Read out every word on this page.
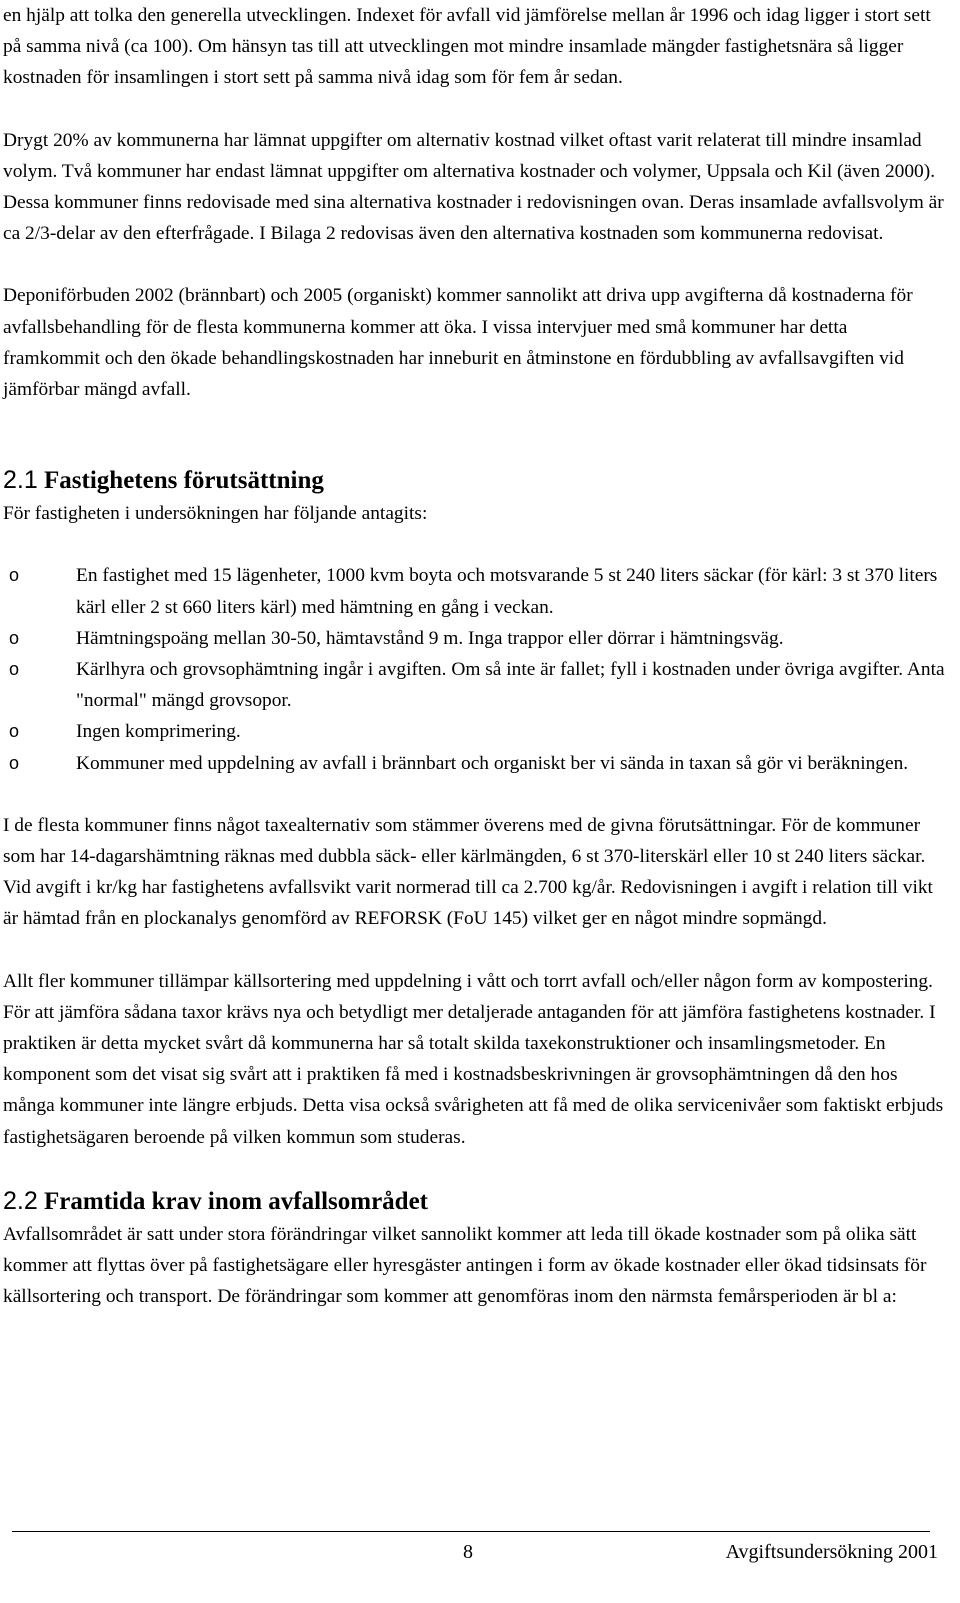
en hjälp att tolka den generella utvecklingen. Indexet för avfall vid jämförelse mellan år 1996 och idag ligger i stort sett på samma nivå (ca 100). Om hänsyn tas till att utvecklingen mot mindre insamlade mängder fastighetsnära så ligger kostnaden för insamlingen i stort sett på samma nivå idag som för fem år sedan.

Drygt 20% av kommunerna har lämnat uppgifter om alternativ kostnad vilket oftast varit relaterat till mindre insamlad volym. Två kommuner har endast lämnat uppgifter om alternativa kostnader och volymer, Uppsala och Kil (även 2000). Dessa kommuner finns redovisade med sina alternativa kostnader i redovisningen ovan. Deras insamlade avfallsvolym är ca 2/3-delar av den efterfrågade. I Bilaga 2 redovisas även den alternativa kostnaden som kommunerna redovisat.

Deponiförbuden 2002 (brännbart) och 2005 (organiskt) kommer sannolikt att driva upp avgifterna då kostnaderna för avfallsbehandling för de flesta kommunerna kommer att öka. I vissa intervjuer med små kommuner har detta framkommit och den ökade behandlingskostnaden har inneburit en åtminstone en fördubbling av avfallsavgiften vid jämförbar mängd avfall.

2.1 Fastighetens förutsättning

För fastigheten i undersökningen har följande antagits:

o	En fastighet med 15 lägenheter, 1000 kvm boyta och motsvarande 5 st 240 liters säckar (för kärl: 3 st 370 liters kärl eller 2 st 660 liters kärl) med hämtning en gång i veckan.
o	Hämtningspoäng mellan 30-50, hämtavstånd 9 m. Inga trappor eller dörrar i hämtningsväg.
o	Kärlhyra och grovsophämtning ingår i avgiften. Om så inte är fallet; fyll i kostnaden under övriga avgifter. Anta "normal" mängd grovsopor.
o	Ingen komprimering.
o	Kommuner med uppdelning av avfall i brännbart och organiskt ber vi sända in taxan så gör vi beräkningen.

I de flesta kommuner finns något taxealternativ som stämmer överens med de givna förutsättningar. För de kommuner som har 14-dagarshämtning räknas med dubbla säck- eller kärlmängden, 6 st 370-literskärl eller 10 st 240 liters säckar. Vid avgift i kr/kg har fastighetens avfallsvikt varit normerad till ca 2.700 kg/år. Redovisningen i avgift i relation till vikt är hämtad från en plockanalys genomförd av REFORSK (FoU 145) vilket ger en något mindre sopmängd.

Allt fler kommuner tillämpar källsortering med uppdelning i vått och torrt avfall och/eller någon form av kompostering. För att jämföra sådana taxor krävs nya och betydligt mer detaljerade antaganden för att jämföra fastighetens kostnader. I praktiken är detta mycket svårt då kommunerna har så totalt skilda taxekonstruktioner och insamlingsmetoder. En komponent som det visat sig svårt att i praktiken få med i kostnadsbeskrivningen är grovsophämtningen då den hos många kommuner inte längre erbjuds. Detta visa också svårigheten att få med de olika servicenivåer som faktiskt erbjuds fastighetsägaren beroende på vilken kommun som studeras.

2.2 Framtida krav inom avfallsområdet

Avfallsområdet är satt under stora förändringar vilket sannolikt kommer att leda till ökade kostnader som på olika sätt kommer att flyttas över på fastighetsägare eller hyresgäster antingen i form av ökade kostnader eller ökad tidsinsats för källsortering och transport. De förändringar som kommer att genomföras inom den närmsta femårsperioden är bl a:

8	Avgiftsundersökning 2001
